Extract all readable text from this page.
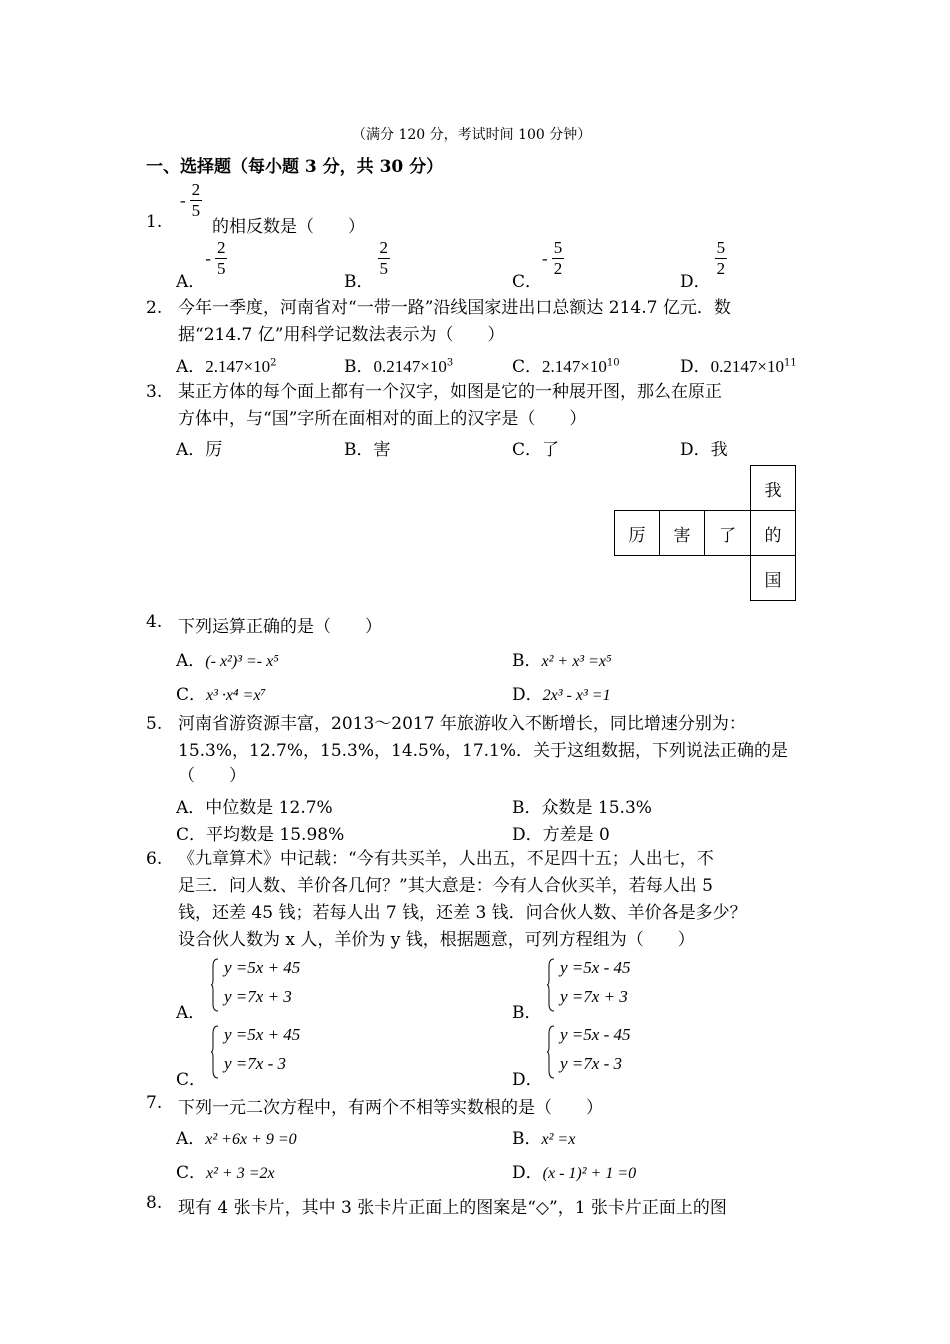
（满分 120 分，考试时间 100 分钟）
一、选择题（每小题 3 分，共 30 分）
1.
- $\frac{2}{5}$
的相反数是（　　）
A．- $\frac{2}{5}$
B．
$\frac{2}{5}$
C．- $\frac{5}{2}$
D．
$\frac{5}{2}$
2. 今年一季度，河南省对“一带一路”沿线国家进出口总额达 214.7 亿元．数
据“214.7 亿”用科学记数法表示为（　　）
A．$2.147\times 10^2$	B．$0.2147\times 10^3$	C．$2.147\times 10^{10}$	D．$0.2147\times 10^{11}$
3. 某正方体的每个面上都有一个汉字，如图是它的一种展开图，那么在原正
方体中，与“国”字所在面相对的面上的汉字是（　　）
A．厉	B．害	C．了	D．我
我
厉	害	了	的
国
4. 下列运算正确的是（　　）
A．(- x²)³ =- x⁵	B．x² + x³ =x⁵
C．x³ ·x⁴ =x⁷	D．2x³ - x³ =1
5. 河南省游资源丰富，2013～2017 年旅游收入不断增长，同比增速分别为：
15.3%，12.7%，15.3%，14.5%，17.1%．关于这组数据，下列说法正确的是
（　　）
A．中位数是 12.7%	B．众数是 15.3%
C．平均数是 15.98%	D．方差是 0
6. 《九章算术》中记载：“今有共买羊，人出五，不足四十五；人出七，不
足三．问人数、羊价各几何？”其大意是：今有人合伙买羊，若每人出 5
钱，还差 45 钱；若每人出 7 钱，还差 3 钱．问合伙人数、羊价各是多少？
设合伙人数为 x 人，羊价为 y 钱，根据题意，可列方程组为（　　）
A．
y =5x + 45
y =7x + 3
B．
y =5x - 45
y =7x + 3
C．
y =5x + 45
y =7x - 3
D．
y =5x - 45
y =7x - 3
7. 下列一元二次方程中，有两个不相等实数根的是（　　）
A．x² +6x + 9 =0	B．x² =x
C．x² + 3 =2x	D．(x - 1)² + 1 =0
8. 现有 4 张卡片，其中 3 张卡片正面上的图案是“◇”，1 张卡片正面上的图
